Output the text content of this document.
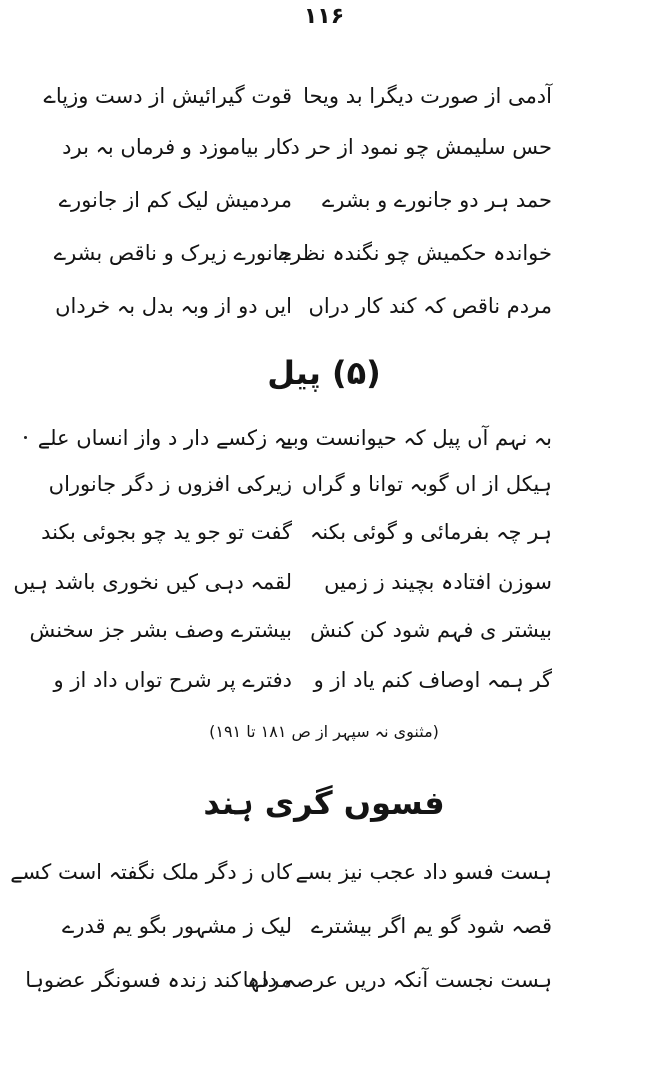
۱۱۶
آدمی از صورت دیگرا بد ویحا
قوت گیرائیش از دست وزپاے
حس سلیمش چو نمود از حر د
کار بیاموزد و فرماں بہ برد
حمد ہر دو جانورے و بشرے
مردمیش لیک کم از جانورے
خواندہ حکمیش چو نگندہ نظرے
جانورے زیرک و ناقص بشرے
مردم ناقص کہ کند کار دراں
ایں دو از وبہ بدل بہ خرداں
(۵) پیل
بہ نہم آں پیل کہ حیوانست وبے
بہ زکسے دار د واز انساں علے
ہیکل از اں گوبہ توانا و گراں
زیرکی افزوں ز دگر جانوراں
ہر چہ بفرمائی و گوئی بکنہ
گفت تو جو ید چو بجوئی بکند
سوزن افتادہ بچیند ز زمیں
لقمہ دہی کیں نخوری باشد ہیں
بیشتر ی فہم شود کن کنش
بیشترے وصف بشر جز سخنش
گر ہمہ اوصاف کنم یاد از و
دفترے پر شرح تواں داد از و
(مثنوی نہ سپہر از ص ۱۸۱ تا ۱۹۱)
فسوں گری ہند
ہست فسو داد عجب نیز بسے
کاں ز دگر ملک نگفتہ است کسے
قصہ شود گو یم اگر بیشترے
لیک ز مشہور بگو یم قدرے
ہست نجست آنکہ دریں عرصہ دلہا
مردہ کند زندہ فسونگر عضوہا
